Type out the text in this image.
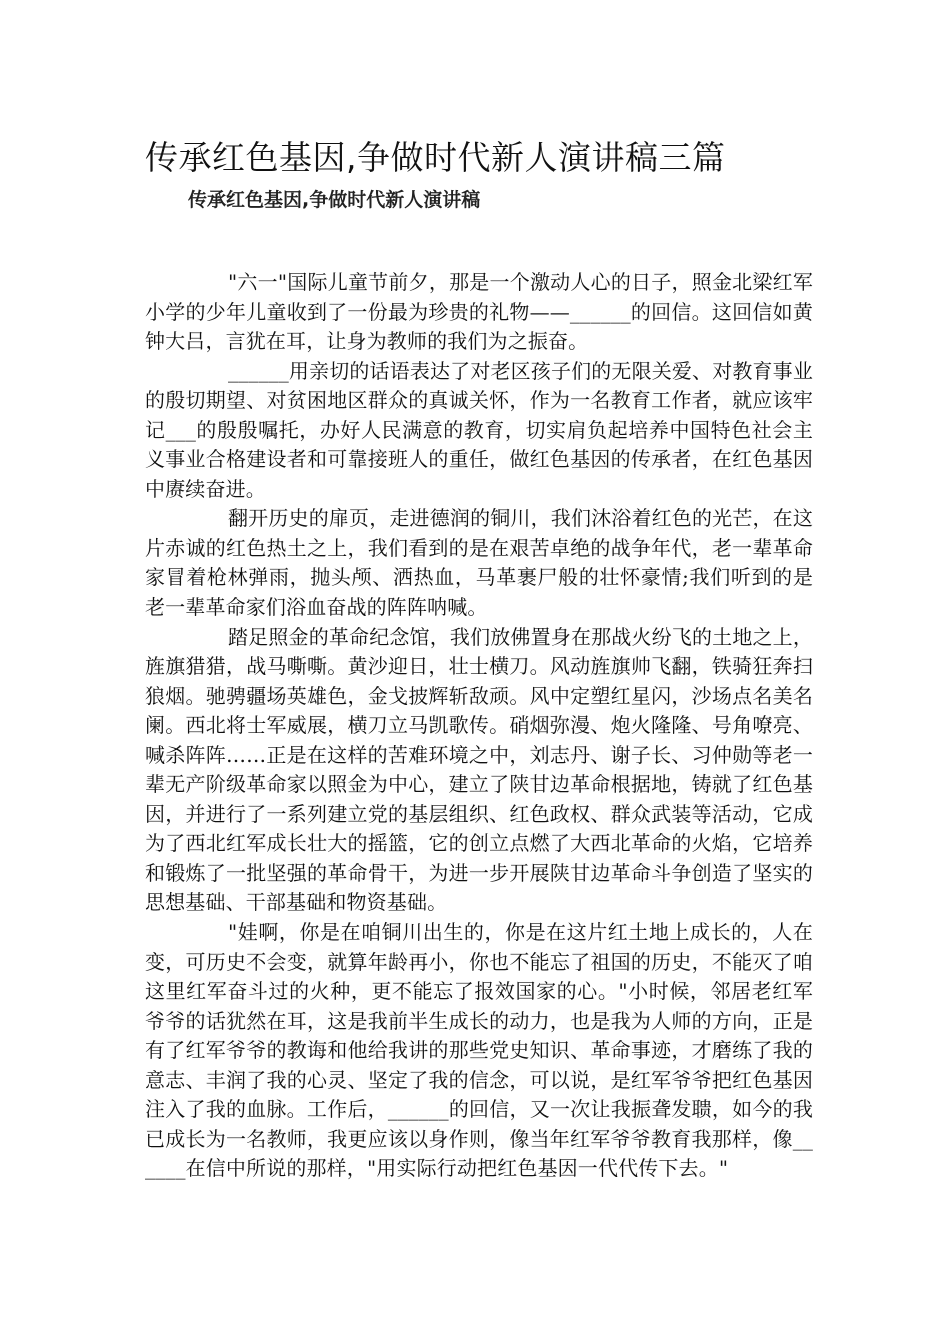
传承红色基因,争做时代新人演讲稿三篇
传承红色基因,争做时代新人演讲稿

"六一"国际儿童节前夕，那是一个激动人心的日子，照金北梁红军小学的少年儿童收到了一份最为珍贵的礼物——______的回信。这回信如黄钟大吕，言犹在耳，让身为教师的我们为之振奋。

______用亲切的话语表达了对老区孩子们的无限关爱、对教育事业的殷切期望、对贫困地区群众的真诚关怀，作为一名教育工作者，就应该牢记___的殷殷嘱托，办好人民满意的教育，切实肩负起培养中国特色社会主义事业合格建设者和可靠接班人的重任，做红色基因的传承者，在红色基因中赓续奋进。

翻开历史的扉页，走进德润的铜川，我们沐浴着红色的光芒，在这片赤诚的红色热土之上，我们看到的是在艰苦卓绝的战争年代，老一辈革命家冒着枪林弹雨，抛头颅、洒热血，马革裹尸般的壮怀豪情;我们听到的是老一辈革命家们浴血奋战的阵阵呐喊。

踏足照金的革命纪念馆，我们放佛置身在那战火纷飞的土地之上，旌旗猎猎，战马嘶嘶。黄沙迎日，壮士横刀。风动旌旗帅飞翻，铁骑狂奔扫狼烟。驰骋疆场英雄色，金戈披辉斩敌顽。风中定塑红星闪，沙场点名美名阑。西北将士军威展，横刀立马凯歌传。硝烟弥漫、炮火隆隆、号角嘹亮、喊杀阵阵……正是在这样的苦难环境之中，刘志丹、谢子长、习仲勋等老一辈无产阶级革命家以照金为中心，建立了陕甘边革命根据地，铸就了红色基因，并进行了一系列建立党的基层组织、红色政权、群众武装等活动，它成为了西北红军成长壮大的摇篮，它的创立点燃了大西北革命的火焰，它培养和锻炼了一批坚强的革命骨干，为进一步开展陕甘边革命斗争创造了坚实的思想基础、干部基础和物资基础。

"娃啊，你是在咱铜川出生的，你是在这片红土地上成长的，人在变，可历史不会变，就算年龄再小，你也不能忘了祖国的历史，不能灭了咱这里红军奋斗过的火种，更不能忘了报效国家的心。"小时候，邻居老红军爷爷的话犹然在耳，这是我前半生成长的动力，也是我为人师的方向，正是有了红军爷爷的教诲和他给我讲的那些党史知识、革命事迹，才磨练了我的意志、丰润了我的心灵、坚定了我的信念，可以说，是红军爷爷把红色基因注入了我的血脉。工作后，______的回信，又一次让我振聋发聩，如今的我已成长为一名教师，我更应该以身作则，像当年红军爷爷教育我那样，像______在信中所说的那样，"用实际行动把红色基因一代代传下去。"
